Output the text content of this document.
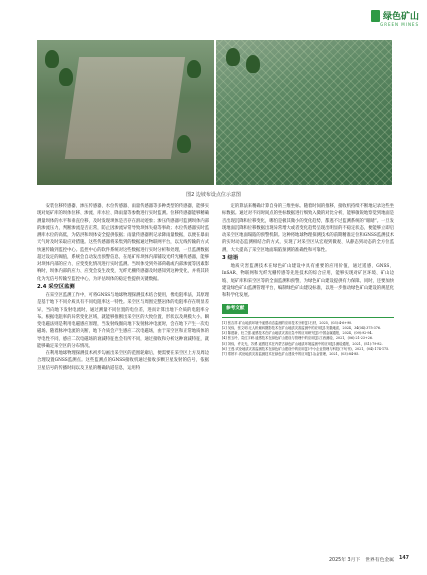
绿色矿山
GREEN MINES
图2 边坡布设点位示意图

安装位移传感器、渗压传感器、水位传感器、雨量传感器等多种类型的传感器，能够实现对尾矿库的坝体位移、渗流、库水位、降雨量等参数进行实时监测。位移传感器能够精确测量坝体的水平和垂直位移，及时发现坝体是否存在滑动迹象；渗压传感器可监测坝体内部的渗流压力，判断渗流是否正常，防止因渗流异常导致坝体失稳等事故；水位传感器实时监测库水位的高低，为防洪和坝体安全提供依据；雨量传感器则记录降雨量数据，以便在暴雨天气时及时采取应对措施。这些传感器将采集到的数据通过物联网平台，以无线传输的方式快速传输到监控中心。监控中心的软件系统对这些数据进行实时分析和处理，一旦监测数据超过设定的阈值，系统会自动发出预警信息，在尾矿库坝体内部铺设光纤光栅传感器，能够对坝体内部的应力、应变变化情况进行实时监测。当坝体受到外部荷载或内部渗流等因素影响时，坝体内部的应力、应变会发生改变，光纤光栅传感器及时感知到这种变化，并将其转化为光信号传输至监控中心，为评估坝体的稳定性提供关键数据。

2.4 采空区监测

在采空区监测工作中，可将GNSS与地球物理探测技术结合使用，像电阻率法，其原理是基于地下不同介质具有不同电阻率这一特性。采空区与周围完整岩体的电阻率存在明显差异，当向地下发射电流时，通过测量不同位置的电位差，进而计算出地下介质的电阻率分布。根据电阻率的异常变化区域，就能够推断出采空区的大致位置、形状以及规模大小。瞬变电磁法则是利用电磁感应原理，当发射线圈向地下发射脉冲电流时，会在地下产生一次电磁场。随着脉冲电流的关断，地下介质会产生感应二次电磁场，由于采空区和正常地质体的导电性不同，感应二次电磁场的衰减特征也会有所不同，通过接收和分析这种衰减特征，就能够确定采空区的分布情况。

在利用地球物理探测技术初步勾画出采空区的范围轮廓后，便需要在采空区上方及周边合理设置GNSS监测点。这些监测点的GNSS接收机通过接收多颗卫星发射的信号，依据卫星信号的传播时间以及卫星的精确轨道信息，运用特

定的算法来精确计算自身的三维坐标。随着时间的推移，接收机持续不断地记录这些坐标数据。通过对不同时间点的坐标数据进行细致入微的对比分析，能够敏锐地察觉到地面是否出现沉降和位移变化，哪怕是极其微小的变化趋势，都逃不过监测系统的“眼睛”。一旦发现地面沉降和位移数据出现异常增大或者变化趋势呈现出明显的不稳定状态，便能够立即启动采空区地面塌陷的预警机制。这种将地球物理探测技术的前期精准定位和GNSS监测技术的实时动态监测相结合的方式，实现了对采空区从宏观到微观、从静态到动态的全方位监测，大大提高了采空区地面塌陷预测的准确性和可靠性。

3 结语

地质灾害监测技术在绿色矿山建设中具有重要的应用价值，通过遥感、GNSS、InSAR、物联网和光纤光栅传感等先进技术的综合应用，能够实现对矿区环境、矿山边坡、尾矿库和采空区等的全面监测和预警，为绿色矿山建设提供有力保障。同时，还要加快建设绿色矿山监测管理平台，编制绿色矿山建设标准，以进一步推动绿色矿山建设的规范化和科学化发展。

参考文献
[1] 张吉祥.矿山地质环境中遥感动态监测的应用技术分析[J].石材，2025，(03):4-6+90.
[2] 吴伟，张文明.无人机倾斜摄影技术在矿山地质灾害监测中的应用[J].安徽地质，2024，34(04):375-376.
[3] 陈建新，杜兰强.遥感技术在矿山地质灾害应急中的应用研究[J].中国金属通报，2024，(09):92-94.
[4] 张玉玲，袁红宇研.遥感技术在绿色矿山建设与管理中的应用[J].江西测绘，2021，(06):21-23+26.
[5] 刘伟，许友光，苏勇.遥感技术在内蒙古绿色矿山地质环境监测中的应用[J].测绘通报，2021，(S1):79-82.
[6] 王莲.试论地质灾害监测技术在绿色矿山建设中的应用[J].中小企业管理与科技(下旬刊)，2021，(04):174-175.
[7] 郑婷平.试论地质灾害监测技术在绿色矿山建设中的应用[J].冶金管理，2021，(03):84-85.
2025年 3月下 世界有色金属 147
